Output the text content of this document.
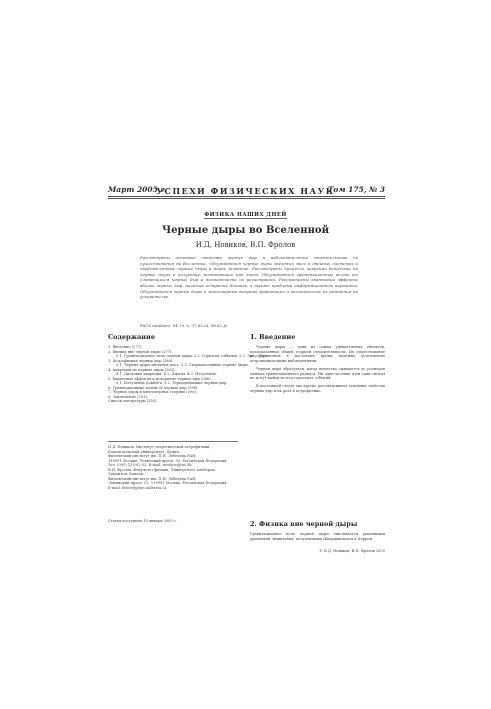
Март 2005 г.
УСПЕХИ ФИЗИЧЕСКИХ НАУК
Том 175, № 3
ФИЗИКА НАШИХ ДНЕЙ
Черные дыры во Вселенной
И.Д. Новиков, В.П. Фролов
Рассмотрены основные свойства черных дыр и наблюдательные свидетельства их существования во Вселенной. Обсуждаются черные дыры звездных масс в двойных системах и сверхмассивные черные дыры в ядрах галактик. Рассмотрены процессы аккреции вещества на черные дыры и излучение, возникающее при этом. Обсуждаются гравитационные волны от сливающихся черных дыр и возможности их регистрации. Рассмотрены квантовые эффекты вблизи черных дыр, включая испарение Хокинга, а также проблема информационного парадокса. Обсуждаются черные дыры в многомерных теориях гравитации и возможность их рождения на ускорителях.
PACS numbers: 04.70.-s, 97.60.Lf, 98.62.Js
Содержание
1. Введение (277).
2. Физика вне черной дыры (277).
2.1. Гравитационное поле черной дыры. 2.2. Горизонт событий. 2.3. Эргосфера.
3. Астрофизика черных дыр (280).
3.1. Черные дыры звездных масс. 3.2. Сверхмассивные черные дыры.
4. Аккреция на черные дыры (283).
4.1. Дисковая аккреция. 4.2. Джеты. 4.3. Излучение.
5. Квантовые эффекты и испарение черных дыр (286).
5.1. Излучение Хокинга. 5.2. Термодинамика черных дыр.
6. Гравитационные волны от черных дыр (288).
7. Черные дыры в многомерных теориях (290).
8. Заключение (291).
Список литературы (292).
И.Д. Новиков. Институт теоретической астрофизики, Копенгагенский университет, Дания;
Физический институт им. П.Н. Лебедева РАН,
119991 Москва, Ленинский просп. 53, Российская Федерация
Тел. (095) 135-02-53. E-mail: novikov@tac.dk
В.П. Фролов. Факультет физики, Университет Альберты,
Эдмонтон, Канада;
Физический институт им. П.Н. Лебедева РАН,
Ленинский просп. 53, 119991 Москва, Российская Федерация
E-mail: frolov@phys.ualberta.ca
Статья поступила 10 января 2005 г.
1. Введение

Черные дыры — одни из самых удивительных объектов, предсказанных общей теорией относительности. Их существование во Вселенной в настоящее время надежно установлено астрономическими наблюдениями.

Черная дыра образуется, когда вещество сжимается до размеров меньше гравитационного радиуса. Ни одна частица и ни один сигнал не могут выйти из-под горизонта событий.

В настоящей статье мы кратко рассматриваем основные свойства черных дыр и их роль в астрофизике.

2. Физика вне черной дыры
Гравитационное поле черной дыры описывается решениями уравнений Эйнштейна, полученными Шварцшильдом и Керром.
© И.Д. Новиков, В.П. Фролов 2005
